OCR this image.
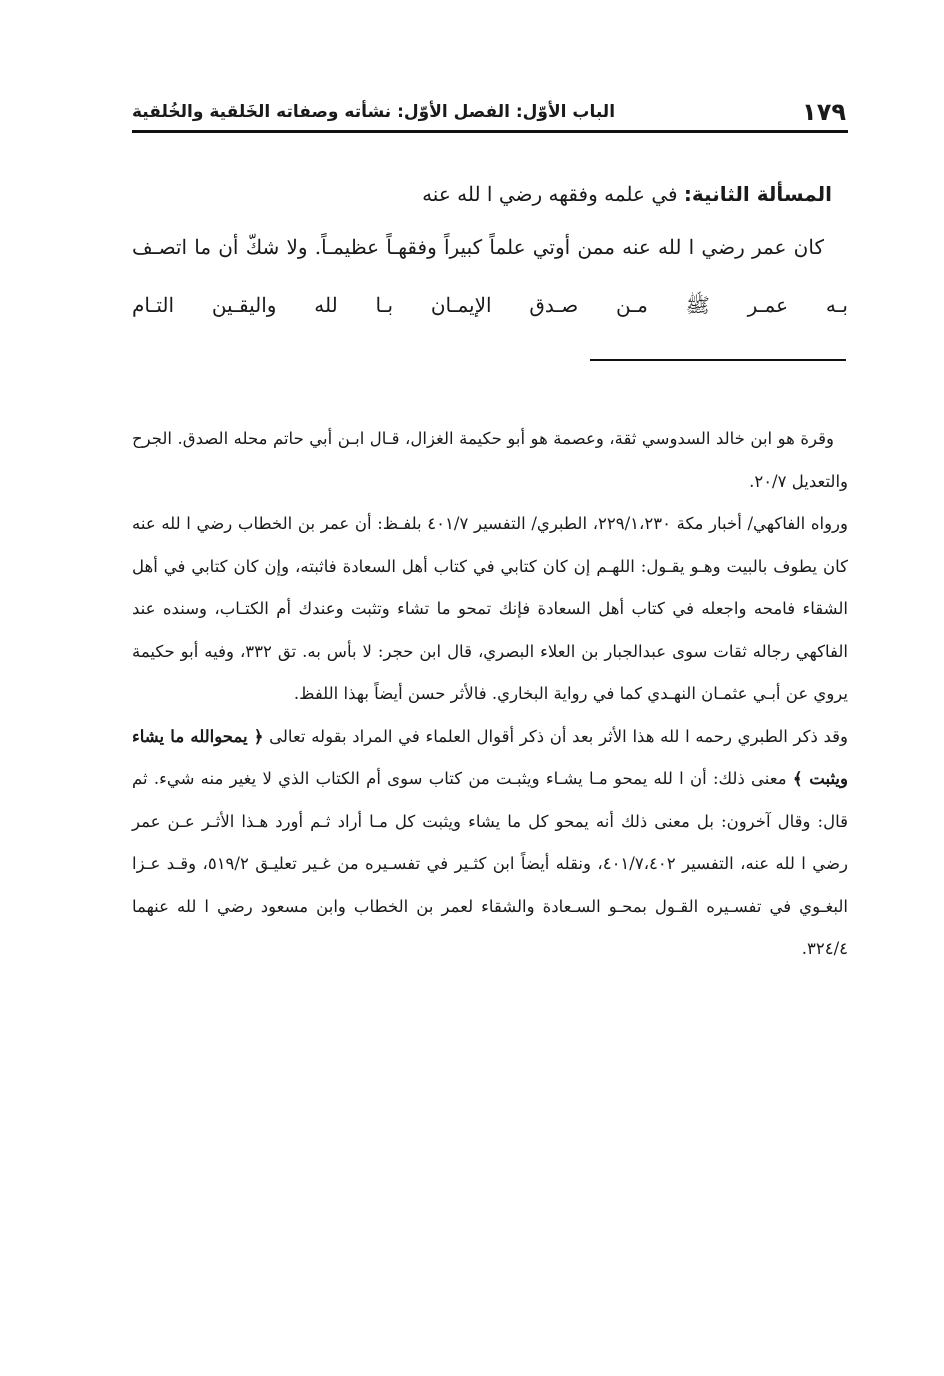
١٧٩
الباب الأوّل: الفصل الأوّل: نشأته وصفاته الخَلقية والخُلقية

المسألة الثانية: في علمه وفقهه رضي ا لله عنه

كان عمر رضي ا لله عنه ممن أوتي علماً كبيراً وفقهـاً عظيمـاً. ولا شكّ أن ما اتصـف بـه عمـر ﷺ مـن صـدق الإيمـان بـا لله واليقـين التـام

وقرة هو ابن خالد السدوسي ثقة، وعصمة هو أبو حكيمة الغزال، قـال ابـن أبي حاتم محله الصدق. الجرح والتعديل ٢٠/٧.

ورواه الفاكهي/ أخبار مكة ٢٢٩/١،٢٣٠، الطبري/ التفسير ٤٠١/٧ بلفـظ: أن عمر بن الخطاب رضي ا لله عنه كان يطوف بالبيت وهـو يقـول: اللهـم إن كان كتابي في كتاب أهل السعادة فاثبته، وإن كان كتابي في أهل الشقاء فامحه واجعله في كتاب أهل السعادة فإنك تمحو ما تشاء وتثبت وعندك أم الكتـاب، وسنده عند الفاكهي رجاله ثقات سوى عبدالجبار بن العلاء البصري، قال ابن حجر: لا بأس به. تق ٣٣٢، وفيه أبو حكيمة يروي عن أبـي عثمـان النهـدي كما في رواية البخاري. فالأثر حسن أيضاً بهذا اللفظ.

وقد ذكر الطبري رحمه ا لله هذا الأثر بعد أن ذكر أقوال العلماء في المراد بقوله تعالى ﴿ يمحوالله ما يشاء ويثبت ﴾ معنى ذلك: أن ا لله يمحو مـا يشـاء ويثبـت من كتاب سوى أم الكتاب الذي لا يغير منه شيء. ثم قال: وقال آخرون: بل معنى ذلك أنه يمحو كل ما يشاء ويثبت كل مـا أراد ثـم أورد هـذا الأثـر عـن عمر رضي ا لله عنه، التفسير ٤٠١/٧،٤٠٢، ونقله أيضاً ابن كثـير في تفسـيره من غـير تعليـق ٥١٩/٢، وقـد عـزا البغـوي في تفسـيره القـول بمحـو السـعادة والشقاء لعمر بن الخطاب وابن مسعود رضي ا لله عنهما ٣٢٤/٤.
